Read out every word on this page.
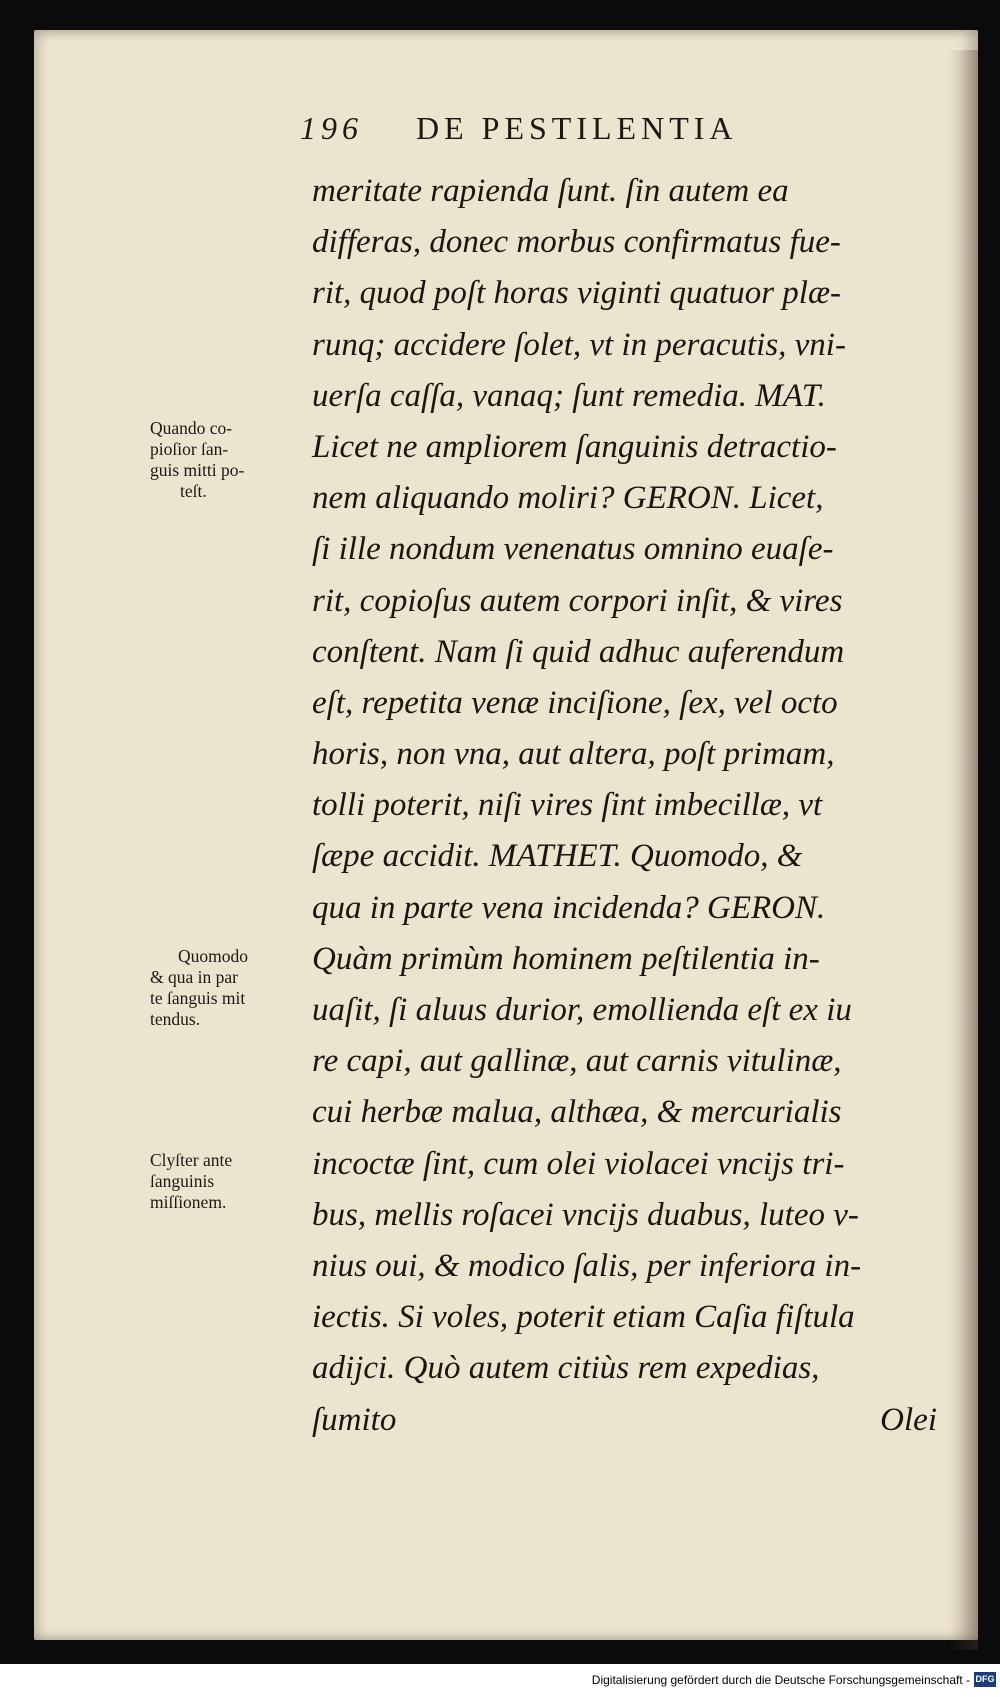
196 DE PESTILENTIA
meritate rapienda ſunt. ſin autem ea
differas, donec morbus confirmatus fue-
rit, quod poſt horas viginti quatuor plæ-
runq; accidere ſolet, vt in peracutis, vni-
uerſa caſſa, vanaq; ſunt remedia. MAT.
Licet ne ampliorem ſanguinis detractio-
nem aliquando moliri? GERON. Licet,
ſi ille nondum venenatus omnino euaſe-
rit, copioſus autem corpori inſit, & vires
conſtent. Nam ſi quid adhuc auferendum
eſt, repetita venæ inciſione, ſex, vel octo
horis, non vna, aut altera, poſt primam,
tolli poterit, niſi vires ſint imbecillæ, vt
ſæpe accidit. MATHET. Quomodo, &
qua in parte vena incidenda? GERON.
Quàm primùm hominem peſtilentia in-
uaſit, ſi aluus durior, emollienda eſt ex iu
re capi, aut gallinæ, aut carnis vitulinæ,
cui herbæ malua, althæa, & mercurialis
incoctæ ſint, cum olei violacei vncijs tri-
bus, mellis roſacei vncijs duabus, luteo v-
nius oui, & modico ſalis, per inferiora in-
iectis. Si voles, poterit etiam Caſia fiſtula
adijci. Quò autem citiùs rem expedias,
ſumito	Olei
Quando co-
pioſior ſan-
guis mitti po-
teſt.
Quomodo
& qua in par
te ſanguis mit
tendus.
Clyſter ante
ſanguinis
miſſionem.
Digitalisierung gefördert durch die Deutsche Forschungsgemeinschaft - DFG
